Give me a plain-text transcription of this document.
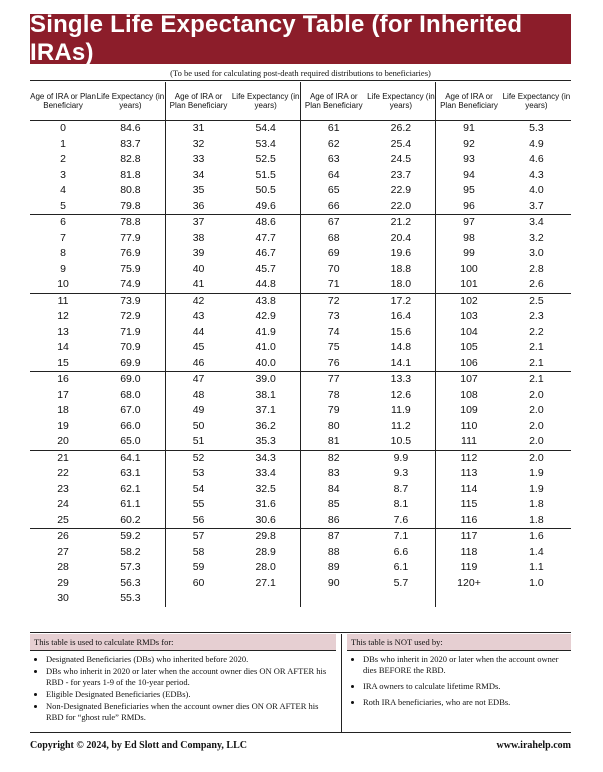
Single Life Expectancy Table (for Inherited IRAs)
(To be used for calculating post-death required distributions to beneficiaries)
Age of IRA or Plan Beneficiary	Life Expectancy (in years)	Age of IRA or Plan Beneficiary	Life Expectancy (in years)	Age of IRA or Plan Beneficiary	Life Expectancy (in years)	Age of IRA or Plan Beneficiary	Life Expectancy (in years)
0	84.6	31	54.4	61	26.2	91	5.3
1	83.7	32	53.4	62	25.4	92	4.9
2	82.8	33	52.5	63	24.5	93	4.6
3	81.8	34	51.5	64	23.7	94	4.3
4	80.8	35	50.5	65	22.9	95	4.0
5	79.8	36	49.6	66	22.0	96	3.7
6	78.8	37	48.6	67	21.2	97	3.4
7	77.9	38	47.7	68	20.4	98	3.2
8	76.9	39	46.7	69	19.6	99	3.0
9	75.9	40	45.7	70	18.8	100	2.8
10	74.9	41	44.8	71	18.0	101	2.6
11	73.9	42	43.8	72	17.2	102	2.5
12	72.9	43	42.9	73	16.4	103	2.3
13	71.9	44	41.9	74	15.6	104	2.2
14	70.9	45	41.0	75	14.8	105	2.1
15	69.9	46	40.0	76	14.1	106	2.1
16	69.0	47	39.0	77	13.3	107	2.1
17	68.0	48	38.1	78	12.6	108	2.0
18	67.0	49	37.1	79	11.9	109	2.0
19	66.0	50	36.2	80	11.2	110	2.0
20	65.0	51	35.3	81	10.5	111	2.0
21	64.1	52	34.3	82	9.9	112	2.0
22	63.1	53	33.4	83	9.3	113	1.9
23	62.1	54	32.5	84	8.7	114	1.9
24	61.1	55	31.6	85	8.1	115	1.8
25	60.2	56	30.6	86	7.6	116	1.8
26	59.2	57	29.8	87	7.1	117	1.6
27	58.2	58	28.9	88	6.6	118	1.4
28	57.3	59	28.0	89	6.1	119	1.1
29	56.3	60	27.1	90	5.7	120+	1.0
30	55.3						
This table is used to calculate RMDs for:
• Designated Beneficiaries (DBs) who inherited before 2020.
• DBs who inherit in 2020 or later when the account owner dies ON OR AFTER his RBD - for years 1-9 of the 10-year period.
• Eligible Designated Beneficiaries (EDBs).
• Non-Designated Beneficiaries when the account owner dies ON OR AFTER his RBD for “ghost rule” RMDs.
This table is NOT used by:
• DBs who inherit in 2020 or later when the account owner dies BEFORE the RBD.
• IRA owners to calculate lifetime RMDs.
• Roth IRA beneficiaries, who are not EDBs.
Copyright © 2024, by Ed Slott and Company, LLC	www.irahelp.com
